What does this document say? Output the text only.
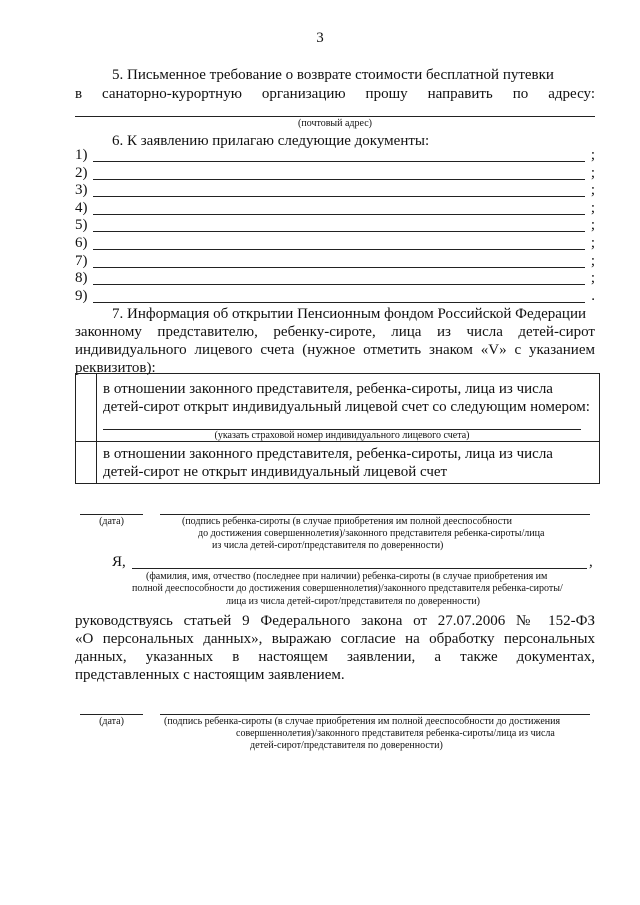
3
5. Письменное требование о возврате стоимости бесплатной путевки
в санаторно-курортную организацию прошу направить по адресу:
(почтовый адрес)
6. К заявлению прилагаю следующие документы:
1)	;
2)	;
3)	;
4)	;
5)	;
6)	;
7)	;
8)	;
9)	.
7. Информация об открытии Пенсионным фондом Российской Федерации
законному представителю, ребенку-сироте, лица из числа детей-сирот
индивидуального лицевого счета (нужное отметить знаком «V» с указанием
реквизитов):
в отношении законного представителя, ребенка-сироты, лица из числа
детей-сирот открыт индивидуальный лицевой счет со следующим номером:
(указать страховой номер индивидуального лицевого счета)
в отношении законного представителя, ребенка-сироты, лица из числа
детей-сирот не открыт индивидуальный лицевой счет
(дата)	(подпись ребенка-сироты (в случае приобретения им полной дееспособности
до достижения совершеннолетия)/законного представителя ребенка-сироты/лица
из числа детей-сирот/представителя по доверенности)
Я,	,
(фамилия, имя, отчество (последнее при наличии) ребенка-сироты (в случае приобретения им
полной дееспособности до достижения совершеннолетия)/законного представителя ребенка-сироты/
лица из числа детей-сирот/представителя по доверенности)
руководствуясь статьей 9 Федерального закона от 27.07.2006 № 152-ФЗ
«О персональных данных», выражаю согласие на обработку персональных
данных, указанных в настоящем заявлении, а также документах,
представленных с настоящим заявлением.
(дата)	(подпись ребенка-сироты (в случае приобретения им полной дееспособности до достижения
совершеннолетия)/законного представителя ребенка-сироты/лица из числа
детей-сирот/представителя по доверенности)
